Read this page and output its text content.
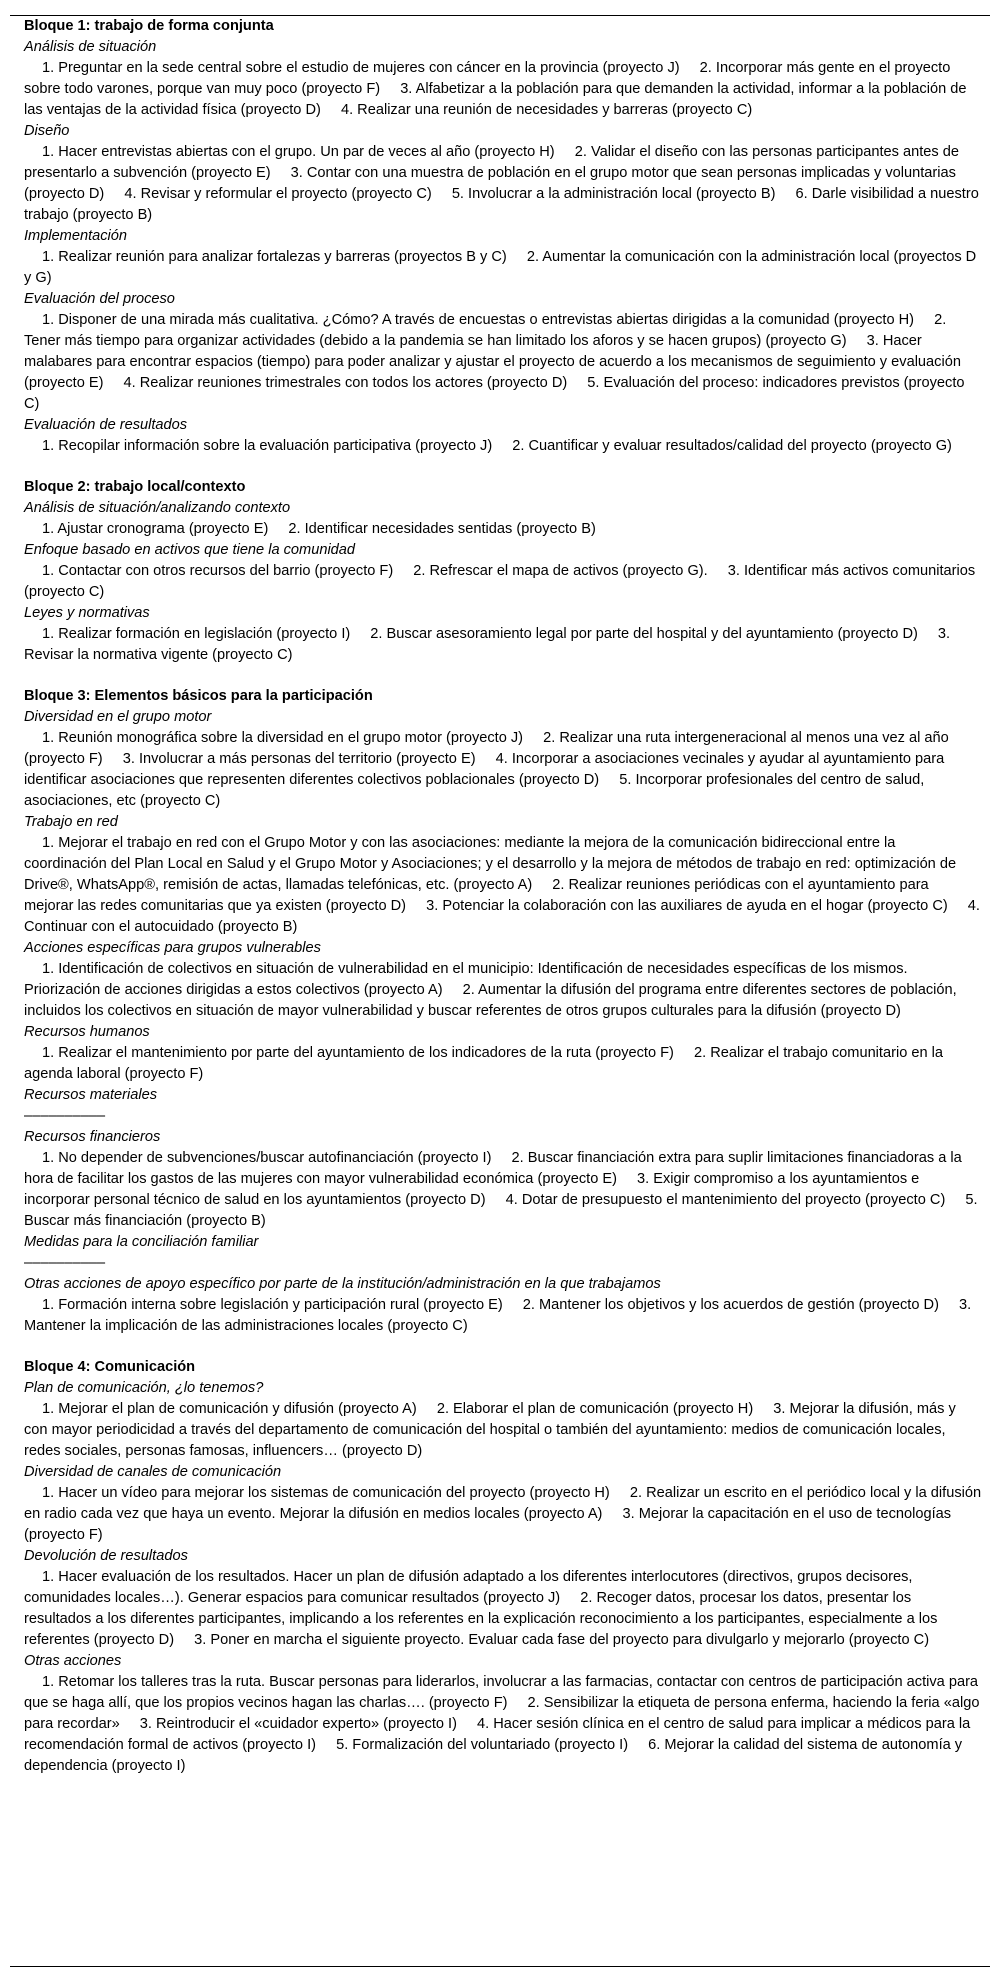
Bloque 1: trabajo de forma conjunta

Análisis de situación

1. Preguntar en la sede central sobre el estudio de mujeres con cáncer en la provincia (proyecto J) 2. Incorporar más gente en el proyecto sobre todo varones, porque van muy poco (proyecto F) 3. Alfabetizar a la población para que demanden la actividad, informar a la población de las ventajas de la actividad física (proyecto D) 4. Realizar una reunión de necesidades y barreras (proyecto C)

Diseño

1. Hacer entrevistas abiertas con el grupo. Un par de veces al año (proyecto H) 2. Validar el diseño con las personas participantes antes de presentarlo a subvención (proyecto E) 3. Contar con una muestra de población en el grupo motor que sean personas implicadas y voluntarias (proyecto D) 4. Revisar y reformular el proyecto (proyecto C) 5. Involucrar a la administración local (proyecto B) 6. Darle visibilidad a nuestro trabajo (proyecto B)

Implementación

1. Realizar reunión para analizar fortalezas y barreras (proyectos B y C) 2. Aumentar la comunicación con la administración local (proyectos D y G)

Evaluación del proceso

1. Disponer de una mirada más cualitativa. ¿Cómo? A través de encuestas o entrevistas abiertas dirigidas a la comunidad (proyecto H) 2. Tener más tiempo para organizar actividades (debido a la pandemia se han limitado los aforos y se hacen grupos) (proyecto G) 3. Hacer malabares para encontrar espacios (tiempo) para poder analizar y ajustar el proyecto de acuerdo a los mecanismos de seguimiento y evaluación (proyecto E) 4. Realizar reuniones trimestrales con todos los actores (proyecto D) 5. Evaluación del proceso: indicadores previstos (proyecto C)

Evaluación de resultados

1. Recopilar información sobre la evaluación participativa (proyecto J) 2. Cuantificar y evaluar resultados/calidad del proyecto (proyecto G)

Bloque 2: trabajo local/contexto

Análisis de situación/analizando contexto

1. Ajustar cronograma (proyecto E) 2. Identificar necesidades sentidas (proyecto B)

Enfoque basado en activos que tiene la comunidad

1. Contactar con otros recursos del barrio (proyecto F) 2. Refrescar el mapa de activos (proyecto G). 3. Identificar más activos comunitarios (proyecto C)

Leyes y normativas

1. Realizar formación en legislación (proyecto I) 2. Buscar asesoramiento legal por parte del hospital y del ayuntamiento (proyecto D) 3. Revisar la normativa vigente (proyecto C)

Bloque 3: Elementos básicos para la participación

Diversidad en el grupo motor

1. Reunión monográfica sobre la diversidad en el grupo motor (proyecto J) 2. Realizar una ruta intergeneracional al menos una vez al año (proyecto F) 3. Involucrar a más personas del territorio (proyecto E) 4. Incorporar a asociaciones vecinales y ayudar al ayuntamiento para identificar asociaciones que representen diferentes colectivos poblacionales (proyecto D) 5. Incorporar profesionales del centro de salud, asociaciones, etc (proyecto C)

Trabajo en red

1. Mejorar el trabajo en red con el Grupo Motor y con las asociaciones: mediante la mejora de la comunicación bidireccional entre la coordinación del Plan Local en Salud y el Grupo Motor y Asociaciones; y el desarrollo y la mejora de métodos de trabajo en red: optimización de Drive®, WhatsApp®, remisión de actas, llamadas telefónicas, etc. (proyecto A) 2. Realizar reuniones periódicas con el ayuntamiento para mejorar las redes comunitarias que ya existen (proyecto D) 3. Potenciar la colaboración con las auxiliares de ayuda en el hogar (proyecto C) 4. Continuar con el autocuidado (proyecto B)

Acciones específicas para grupos vulnerables

1. Identificación de colectivos en situación de vulnerabilidad en el municipio: Identificación de necesidades específicas de los mismos. Priorización de acciones dirigidas a estos colectivos (proyecto A) 2. Aumentar la difusión del programa entre diferentes sectores de población, incluidos los colectivos en situación de mayor vulnerabilidad y buscar referentes de otros grupos culturales para la difusión (proyecto D)

Recursos humanos

1. Realizar el mantenimiento por parte del ayuntamiento de los indicadores de la ruta (proyecto F) 2. Realizar el trabajo comunitario en la agenda laboral (proyecto F)

Recursos materiales

––––––––––

Recursos financieros

1. No depender de subvenciones/buscar autofinanciación (proyecto I) 2. Buscar financiación extra para suplir limitaciones financiadoras a la hora de facilitar los gastos de las mujeres con mayor vulnerabilidad económica (proyecto E) 3. Exigir compromiso a los ayuntamientos e incorporar personal técnico de salud en los ayuntamientos (proyecto D) 4. Dotar de presupuesto el mantenimiento del proyecto (proyecto C) 5. Buscar más financiación (proyecto B)

Medidas para la conciliación familiar

––––––––––

Otras acciones de apoyo específico por parte de la institución/administración en la que trabajamos

1. Formación interna sobre legislación y participación rural (proyecto E) 2. Mantener los objetivos y los acuerdos de gestión (proyecto D) 3. Mantener la implicación de las administraciones locales (proyecto C)

Bloque 4: Comunicación

Plan de comunicación, ¿lo tenemos?

1. Mejorar el plan de comunicación y difusión (proyecto A) 2. Elaborar el plan de comunicación (proyecto H) 3. Mejorar la difusión, más y con mayor periodicidad a través del departamento de comunicación del hospital o también del ayuntamiento: medios de comunicación locales, redes sociales, personas famosas, influencers… (proyecto D)

Diversidad de canales de comunicación

1. Hacer un vídeo para mejorar los sistemas de comunicación del proyecto (proyecto H) 2. Realizar un escrito en el periódico local y la difusión en radio cada vez que haya un evento. Mejorar la difusión en medios locales (proyecto A) 3. Mejorar la capacitación en el uso de tecnologías (proyecto F)

Devolución de resultados

1. Hacer evaluación de los resultados. Hacer un plan de difusión adaptado a los diferentes interlocutores (directivos, grupos decisores, comunidades locales…). Generar espacios para comunicar resultados (proyecto J) 2. Recoger datos, procesar los datos, presentar los resultados a los diferentes participantes, implicando a los referentes en la explicación reconocimiento a los participantes, especialmente a los referentes (proyecto D) 3. Poner en marcha el siguiente proyecto. Evaluar cada fase del proyecto para divulgarlo y mejorarlo (proyecto C)

Otras acciones

1. Retomar los talleres tras la ruta. Buscar personas para liderarlos, involucrar a las farmacias, contactar con centros de participación activa para que se haga allí, que los propios vecinos hagan las charlas…. (proyecto F) 2. Sensibilizar la etiqueta de persona enferma, haciendo la feria «algo para recordar» 3. Reintroducir el «cuidador experto» (proyecto I) 4. Hacer sesión clínica en el centro de salud para implicar a médicos para la recomendación formal de activos (proyecto I) 5. Formalización del voluntariado (proyecto I) 6. Mejorar la calidad del sistema de autonomía y dependencia (proyecto I)
